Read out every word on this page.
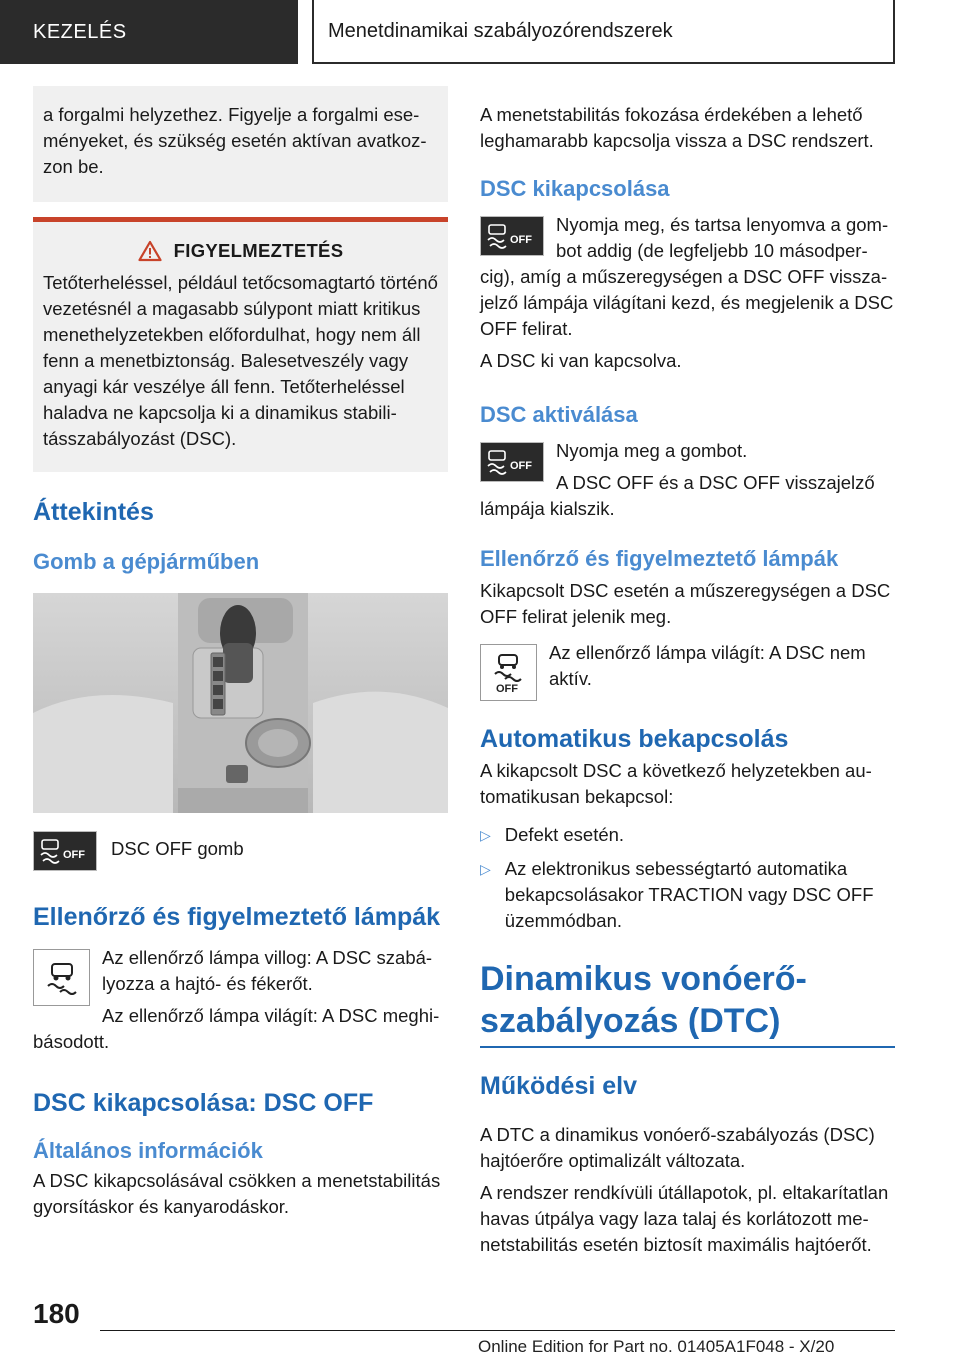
KEZELÉS	Menetdinamikai szabályozórendszerek

a forgalmi helyzethez. Figyelje a forgalmi eseményeket, és szükség esetén aktívan avatkozzon be.

FIGYELMEZTETÉS

Tetőterheléssel, például tetőcsomagtartó történő vezetésnél a magasabb súlypont miatt kritikus menethelyzetekben előfordulhat, hogy nem áll fenn a menetbiztonság. Balesetveszély vagy anyagi kár veszélye áll fenn. Tetőterheléssel haladva ne kapcsolja ki a dinamikus stabilitásszabályozást (DSC).

Áttekintés
Gomb a gépjárműben
OFF DSC OFF gomb

Ellenőrző és figyelmeztető lámpák

Az ellenőrző lámpa villog: A DSC szabályozza a hajtó- és fékerőt.

Az ellenőrző lámpa világít: A DSC meghibásodott.

DSC kikapcsolása: DSC OFF
Általános információk

A DSC kikapcsolásával csökken a menetstabilitás gyorsításkor és kanyarodáskor.

A menetstabilitás fokozása érdekében a lehető leghamarabb kapcsolja vissza a DSC rendszert.

DSC kikapcsolása
OFF

Nyomja meg, és tartsa lenyomva a gombot addig (de legfeljebb 10 másodpercig), amíg a műszeregységen a DSC OFF visszajelző lámpája világítani kezd, és megjelenik a DSC OFF felirat.

A DSC ki van kapcsolva.

DSC aktiválása
OFF

Nyomja meg a gombot.

A DSC OFF és a DSC OFF visszajelző lámpája kialszik.

Ellenőrző és figyelmeztető lámpák

Kikapcsolt DSC esetén a műszeregységen a DSC OFF felirat jelenik meg.

OFF

Az ellenőrző lámpa világít: A DSC nem aktív.

Automatikus bekapcsolás

A kikapcsolt DSC a következő helyzetekben automatikusan bekapcsol:

▷ Defekt esetén.
▷ Az elektronikus sebességtartó automatika bekapcsolásakor TRACTION vagy DSC OFF üzemmódban.
Dinamikus vonóerő-szabályozás (DTC)
Működési elv

A DTC a dinamikus vonóerő-szabályozás (DSC) hajtóerőre optimalizált változata.

A rendszer rendkívüli útállapotok, pl. eltakarítatlan havas útpálya vagy laza talaj és korlátozott menetstabilitás esetén biztosít maximális hajtóerőt.

180
Online Edition for Part no. 01405A1F048 - X/20
